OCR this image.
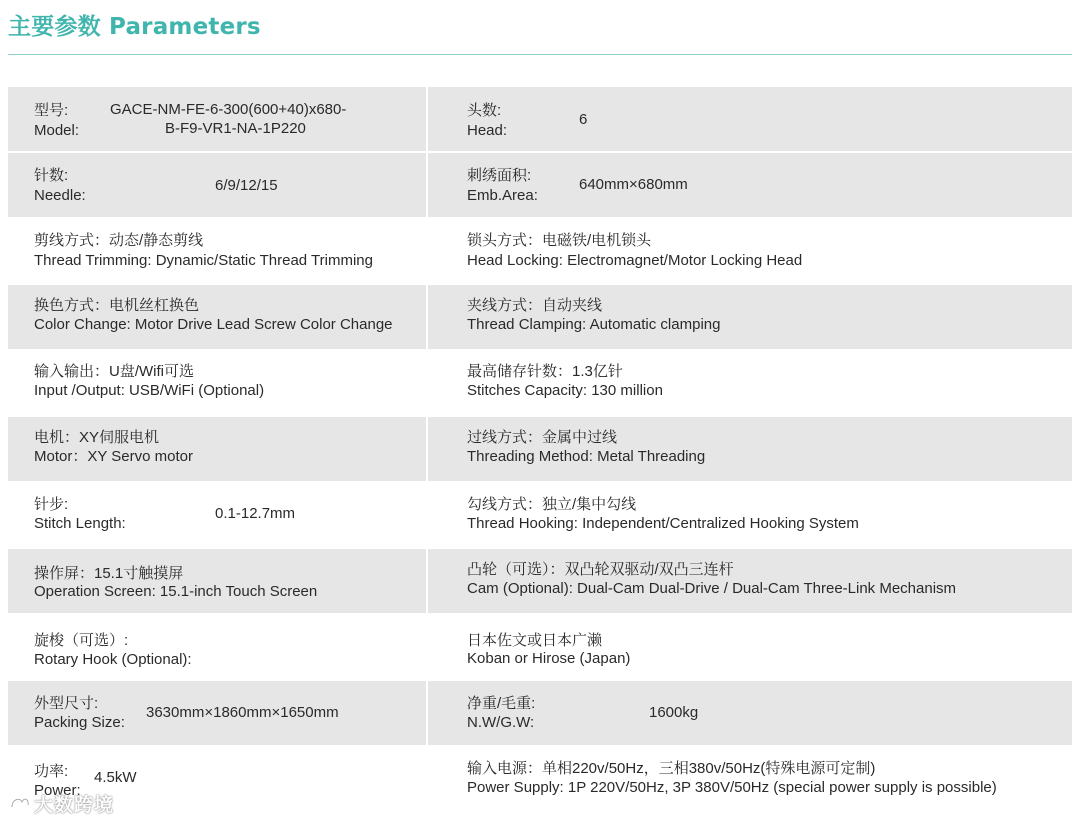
主要参数 Parameters
型号:
Model:
GACE-NM-FE-6-300(600+40)x680-
B-F9-VR1-NA-1P220
头数:
Head:
6
针数:
Needle:
6/9/12/15
刺绣面积:
Emb.Area:
640mm×680mm
剪线方式：动态/静态剪线
Thread Trimming: Dynamic/Static Thread Trimming
锁头方式：电磁铁/电机锁头
Head Locking: Electromagnet/Motor Locking Head
换色方式：电机丝杠换色
Color Change: Motor Drive Lead Screw Color Change
夹线方式：自动夹线
Thread Clamping: Automatic clamping
输入输出：U盘/Wifi可选
Input /Output: USB/WiFi (Optional)
最高储存针数：1.3亿针
Stitches Capacity: 130 million
电机：XY伺服电机
Motor：XY Servo motor
过线方式：金属中过线
Threading Method: Metal Threading
针步:
Stitch Length:
0.1-12.7mm
勾线方式：独立/集中勾线
Thread Hooking: Independent/Centralized Hooking System
操作屏：15.1寸触摸屏
Operation Screen: 15.1-inch Touch Screen
凸轮（可选）：双凸轮双驱动/双凸三连杆
Cam (Optional): Dual-Cam Dual-Drive / Dual-Cam Three-Link Mechanism
旋梭（可选）:
Rotary Hook (Optional):
日本佐文或日本广濑
Koban or Hirose (Japan)
外型尺寸:
Packing Size:
3630mm×1860mm×1650mm
净重/毛重:
N.W/G.W:
1600kg
功率:
Power:
4.5kW
输入电源：单相220v/50Hz，三相380v/50Hz(特殊电源可定制)
Power Supply: 1P 220V/50Hz, 3P 380V/50Hz (special power supply is possible)
大数跨境
